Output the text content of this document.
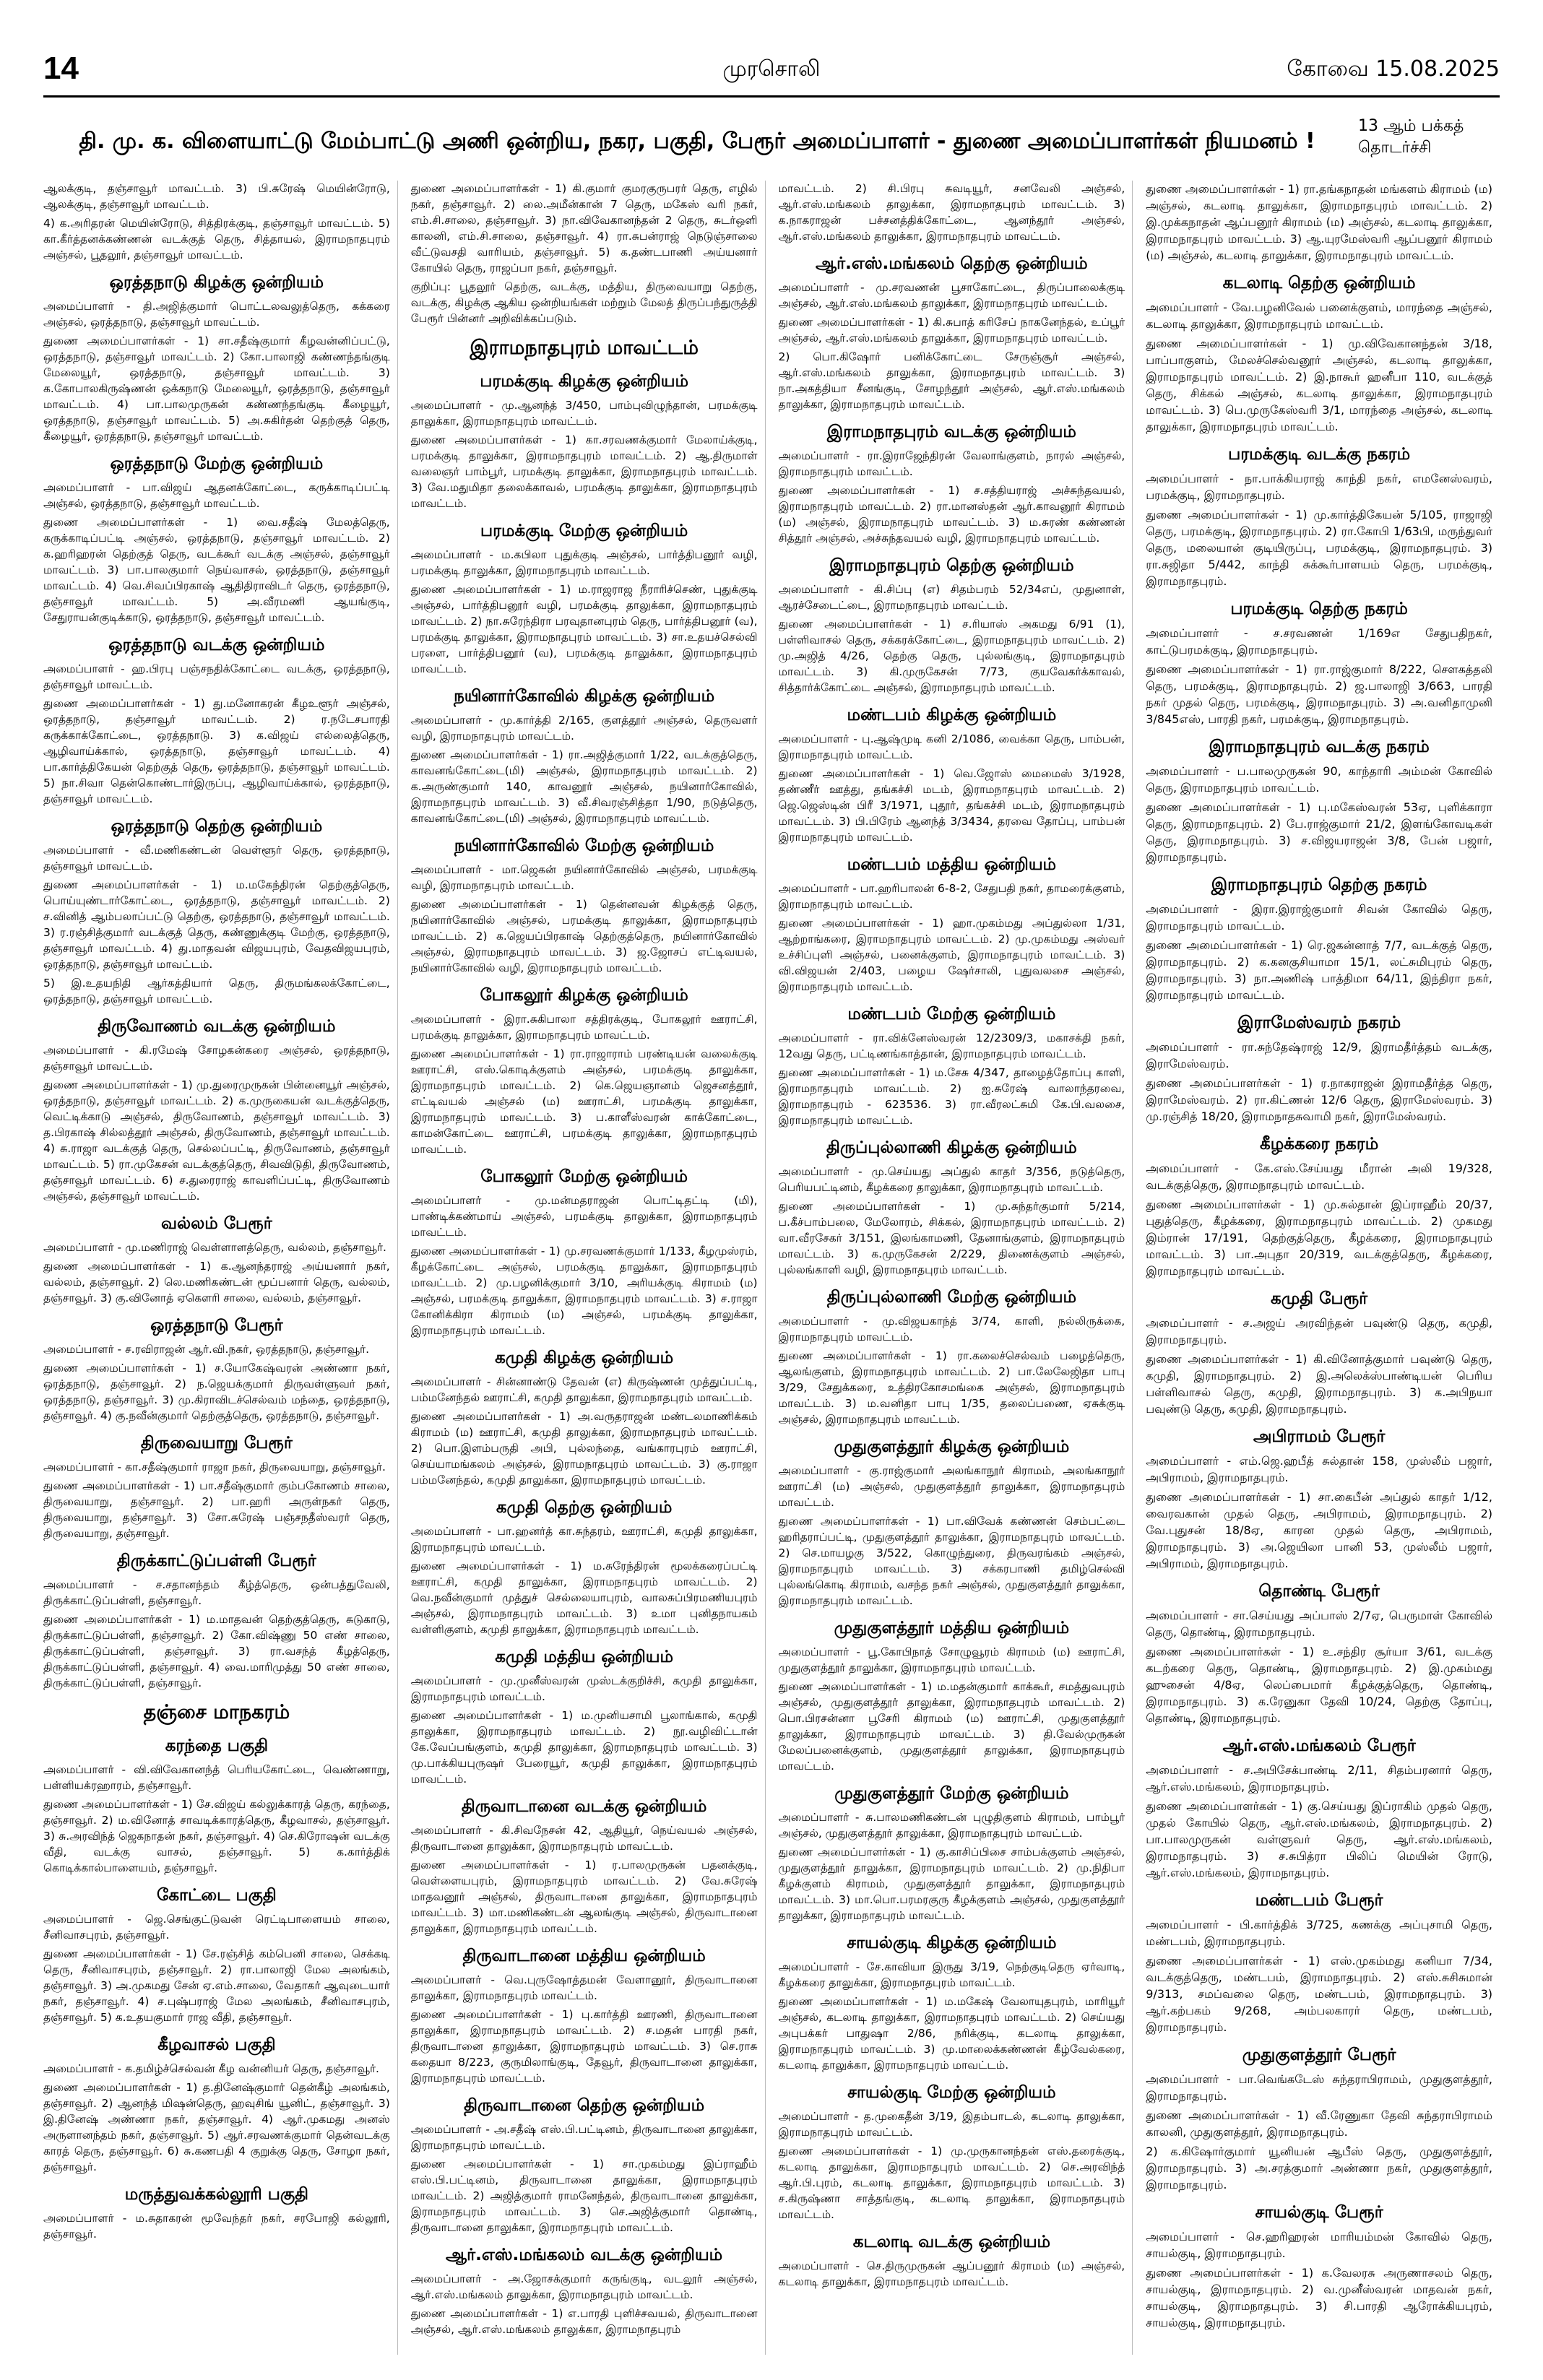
14	முரசொலி	கோவை 15.08.2025
தி. மு. க. விளையாட்டு மேம்பாட்டு அணி ஒன்றிய, நகர, பகுதி, பேரூர் அமைப்பாளர் - துணை அமைப்பாளர்கள் நியமனம் !
13 ஆம் பக்கத் தொடர்ச்சி

ஆலக்குடி, தஞ்சாவூர் மாவட்டம். 3) பி.சுரேஷ் மெயின்ரோடு, ஆலக்குடி, தஞ்சாவூர் மாவட்டம்.

4) க.அரிதரன் மெயின்ரோடு, சித்திரக்குடி, தஞ்சாவூர் மாவட்டம். 5) கா.கீர்த்தனக்கண்ணன் வடக்குத் தெரு, சித்தாயல், இராமநாதபுரம் அஞ்சல், பூதலூர், தஞ்சாவூர் மாவட்டம்.

ஒரத்தநாடு கிழக்கு ஒன்றியம்

அமைப்பாளர் - தி.அஜித்குமார் பொட்டலவலுத்தெரு, கக்கரை அஞ்சல், ஒரத்தநாடு, தஞ்சாவூர் மாவட்டம்.

துணை அமைப்பாளர்கள் - 1) சா.சதீஷ்குமார் கீழவன்னிப்பட்டு, ஒரத்தநாடு, தஞ்சாவூர் மாவட்டம். 2) கோ.பாலாஜி கண்ணந்தங்குடி மேலையூர், ஒரத்தநாடு, தஞ்சாவூர் மாவட்டம். 3) க.கோபாலகிருஷ்ணன் ஒக்கநாடு மேலையூர், ஒரத்தநாடு, தஞ்சாவூர் மாவட்டம். 4) பா.பாலமுருகன் கண்ணந்தங்குடி கீழையூர், ஒரத்தநாடு, தஞ்சாவூர் மாவட்டம். 5) அ.சுகிர்தன் தெற்குத் தெரு, கீழையூர், ஒரத்தநாடு, தஞ்சாவூர் மாவட்டம்.

ஒரத்தநாடு மேற்கு ஒன்றியம்

அமைப்பாளர் - பா.விஜய் ஆதனக்கோட்டை, கருக்காடிப்பட்டி அஞ்சல், ஒரத்தநாடு, தஞ்சாவூர் மாவட்டம்.

துணை அமைப்பாளர்கள் - 1) வை.சதீஷ் மேலத்தெரு, கருக்காடிப்பட்டி அஞ்சல், ஒரத்தநாடு, தஞ்சாவூர் மாவட்டம். 2) க.ஹரிஹரன் தெற்குத் தெரு, வடக்கூர் வடக்கு அஞ்சல், தஞ்சாவூர் மாவட்டம். 3) பா.பாலகுமார் நெய்வாசல், ஒரத்தநாடு, தஞ்சாவூர் மாவட்டம். 4) வெ.சிவப்பிரகாஷ் ஆதிதிராவிடர் தெரு, ஒரத்தநாடு, தஞ்சாவூர் மாவட்டம். 5) அ.வீரமணி ஆயங்குடி, சேதுராயன்குடிக்காடு, ஒரத்தநாடு, தஞ்சாவூர் மாவட்டம்.

ஒரத்தநாடு வடக்கு ஒன்றியம்

அமைப்பாளர் - ஹ.பிரபு பஞ்சநதிக்கோட்டை வடக்கு, ஒரத்தநாடு, தஞ்சாவூர் மாவட்டம்.

துணை அமைப்பாளர்கள் - 1) து.மனோகரன் கீழஉளூர் அஞ்சல், ஒரத்தநாடு, தஞ்சாவூர் மாவட்டம். 2) ர.நடேசபாரதி கருக்காக்கோட்டை, ஒரத்தநாடு. 3) க.விஜய் எல்லைத்தெரு, ஆழிவாய்க்கால், ஒரத்தநாடு, தஞ்சாவூர் மாவட்டம். 4) பா.கார்த்திகேயன் தெற்குத் தெரு, ஒரத்தநாடு, தஞ்சாவூர் மாவட்டம். 5) நா.சிவா தென்கொண்டார்இருப்பு, ஆழிவாய்க்கால், ஒரத்தநாடு, தஞ்சாவூர் மாவட்டம்.

ஒரத்தநாடு தெற்கு ஒன்றியம்

அமைப்பாளர் - வீ.மணிகண்டன் வெள்ளூர் தெரு, ஒரத்தநாடு, தஞ்சாவூர் மாவட்டம்.

துணை அமைப்பாளர்கள் - 1) ம.மகேந்திரன் தெற்குத்தெரு, பொய்யுண்டார்கோட்டை, ஒரத்தநாடு, தஞ்சாவூர் மாவட்டம். 2) ச.வினித் ஆம்பலாப்பட்டு தெற்கு, ஒரத்தநாடு, தஞ்சாவூர் மாவட்டம். 3) ர.ரஞ்சித்குமார் வடக்குத் தெரு, கண்ணுக்குடி மேற்கு, ஒரத்தநாடு, தஞ்சாவூர் மாவட்டம். 4) து.மாதவன் விஜயபுரம், வேதவிஜயபுரம், ஒரத்தநாடு, தஞ்சாவூர் மாவட்டம்.

5) இ.உதயநிதி ஆர்கத்தியார் தெரு, திருமங்கலக்கோட்டை, ஒரத்தநாடு, தஞ்சாவூர் மாவட்டம்.

திருவோணம் வடக்கு ஒன்றியம்

அமைப்பாளர் - கி.ரமேஷ் சோழகன்கரை அஞ்சல், ஒரத்தநாடு, தஞ்சாவூர் மாவட்டம்.

துணை அமைப்பாளர்கள் - 1) மு.துரைமுருகன் பின்னையூர் அஞ்சல், ஒரத்தநாடு, தஞ்சாவூர் மாவட்டம். 2) க.முருகையன் வடக்குத்தெரு, வெட்டிக்காடு அஞ்சல், திருவோணம், தஞ்சாவூர் மாவட்டம். 3) த.பிரகாஷ் சில்லத்தூர் அஞ்சல், திருவோணம், தஞ்சாவூர் மாவட்டம். 4) சு.ராஜா வடக்குத் தெரு, செல்லப்பட்டி, திருவோணம், தஞ்சாவூர் மாவட்டம். 5) ரா.முகேசன் வடக்குத்தெரு, சிவவிடுதி, திருவோணம், தஞ்சாவூர் மாவட்டம். 6) ச.துரைராஜ் காவளிப்பட்டி, திருவோணம் அஞ்சல், தஞ்சாவூர் மாவட்டம்.

வல்லம் பேரூர்

அமைப்பாளர் - மு.மணிராஜ் வெள்ளாளத்தெரு, வல்லம், தஞ்சாவூர்.

துணை அமைப்பாளர்கள் - 1) க.ஆனந்தராஜ் அய்யனார் நகர், வல்லம், தஞ்சாவூர். 2) லெ.மணிகண்டன் மூப்பனார் தெரு, வல்லம், தஞ்சாவூர். 3) கு.வினோத் ஏகௌரி சாலை, வல்லம், தஞ்சாவூர்.

ஒரத்தநாடு பேரூர்

அமைப்பாளர் - ச.ரவிராஜன் ஆர்.வி.நகர், ஒரத்தநாடு, தஞ்சாவூர்.

துணை அமைப்பாளர்கள் - 1) ச.யோகேஷ்வரன் அண்ணா நகர், ஒரத்தநாடு, தஞ்சாவூர். 2) ந.ஜெயக்குமார் திருவள்ளுவர் நகர், ஒரத்தநாடு, தஞ்சாவூர். 3) மு.கிராவிடச்செல்வம் மந்தை, ஒரத்தநாடு, தஞ்சாவூர். 4) கு.நவீன்குமார் தெற்குத்தெரு, ஒரத்தநாடு, தஞ்சாவூர்.

திருவையாறு பேரூர்

அமைப்பாளர் - கா.சதீஷ்குமார் ராஜா நகர், திருவையாறு, தஞ்சாவூர்.

துணை அமைப்பாளர்கள் - 1) பா.சதீஷ்குமார் கும்பகோணம் சாலை, திருவையாறு, தஞ்சாவூர். 2) பா.ஹரி அருள்நகர் தெரு, திருவையாறு, தஞ்சாவூர். 3) சோ.சுரேஷ் பஞ்சநதீஸ்வரர் தெரு, திருவையாறு, தஞ்சாவூர்.

திருக்காட்டுப்பள்ளி பேரூர்

அமைப்பாளர் - ச.சதானந்தம் கீழ்த்தெரு, ஒன்பத்துவேலி, திருக்காட்டுப்பள்ளி, தஞ்சாவூர்.

துணை அமைப்பாளர்கள் - 1) ம.மாதவன் தெற்குத்தெரு, சுடுகாடு, திருக்காட்டுப்பள்ளி, தஞ்சாவூர். 2) கோ.விஷ்ணு 50 எண் சாலை, திருக்காட்டுப்பள்ளி, தஞ்சாவூர். 3) ரா.வசந்த் கீழத்தெரு, திருக்காட்டுப்பள்ளி, தஞ்சாவூர். 4) வை.மாரிமுத்து 50 எண் சாலை, திருக்காட்டுப்பள்ளி, தஞ்சாவூர்.

தஞ்சை மாநகரம்
கரந்தை பகுதி

அமைப்பாளர் - வி.விவேகானந்த் பெரியகோட்டை, வெண்ணாறு, பள்ளியக்ரஹாரம், தஞ்சாவூர்.

துணை அமைப்பாளர்கள் - 1) சே.விஜய் கல்லுக்காரத் தெரு, கரந்தை, தஞ்சாவூர். 2) ம.வினோத் சாவடிக்காரத்தெரு, கீழவாசல், தஞ்சாவூர். 3) சு.அரவிந்த் ஜெகநாதன் நகர், தஞ்சாவூர். 4) செ.கிரோஷன் வடக்கு வீதி, வடக்கு வாசல், தஞ்சாவூர். 5) க.கார்த்திக் கொடிக்கால்பாளையம், தஞ்சாவூர்.

கோட்டை பகுதி

அமைப்பாளர் - ஜெ.செங்குட்டுவன் ரெட்டிபாளையம் சாலை, சீனிவாசபுரம், தஞ்சாவூர்.

துணை அமைப்பாளர்கள் - 1) சே.ரஞ்சித் கம்பெனி சாலை, செக்கடி தெரு, சீனிவாசபுரம், தஞ்சாவூர். 2) ரா.பாலாஜி மேல அலங்கம், தஞ்சாவூர். 3) அ.முகமது சேன் ஏ.எம்.சாலை, வேதாகர் ஆவுடையார் நகர், தஞ்சாவூர். 4) ச.புஷ்பராஜ் மேல அலங்கம், சீனிவாசபுரம், தஞ்சாவூர். 5) க.உதயகுமார் ராஜ வீதி, தஞ்சாவூர்.

கீழவாசல் பகுதி

அமைப்பாளர் - க.தமிழ்ச்செல்வன் கீழ வன்னியர் தெரு, தஞ்சாவூர்.

துணை அமைப்பாளர்கள் - 1) த.தினேஷ்குமார் தென்கீழ் அலங்கம், தஞ்சாவூர். 2) ஆனந்த் மிஷன்தெரு, ஹவுசிங் யூனிட், தஞ்சாவூர். 3) இ.தினேஷ் அண்ணா நகர், தஞ்சாவூர். 4) ஆர்.முகமது அனஸ் அருளானந்தம் நகர், தஞ்சாவூர். 5) ஆர்.சரவணக்குமார் தென்வடக்கு காரத் தெரு, தஞ்சாவூர். 6) சு.கணபதி 4 குறுக்கு தெரு, சோழா நகர், தஞ்சாவூர்.

மருத்துவக்கல்லூரி பகுதி

அமைப்பாளர் - ம.சுதாகரன் மூவேந்தர் நகர், சரபோஜி கல்லூரி, தஞ்சாவூர்.

துணை அமைப்பாளர்கள் - 1) கி.குமார் குமரகுருபரர் தெரு, எழில் நகர், தஞ்சாவூர். 2) லை.அமீன்கான் 7 தெரு, மகேஸ் வரி நகர், எம்.சி.சாலை, தஞ்சாவூர். 3) நா.விவேகானந்தன் 2 தெரு, சுடர்ஒளி காலனி, எம்.சி.சாலை, தஞ்சாவூர். 4) ரா.சுபன்ராஜ் நெடுஞ்சாலை வீட்டுவசதி வாரியம், தஞ்சாவூர். 5) க.தண்டபாணி அய்யனார் கோயில் தெரு, ராஜப்பா நகர், தஞ்சாவூர்.

குறிப்பு: பூதலூர் தெற்கு, வடக்கு, மத்திய, திருவையாறு தெற்கு, வடக்கு, கிழக்கு ஆகிய ஒன்றியங்கள் மற்றும் மேலத் திருப்பந்துருத்தி பேரூர் பின்னர் அறிவிக்கப்படும்.

இராமநாதபுரம் மாவட்டம்
பரமக்குடி கிழக்கு ஒன்றியம்

அமைப்பாளர் - மு.ஆனந்த் 3/450, பாம்புவிழுந்தான், பரமக்குடி தாலுக்கா, இராமநாதபுரம் மாவட்டம்.

துணை அமைப்பாளர்கள் - 1) கா.சரவணக்குமார் மேலாய்க்குடி, பரமக்குடி தாலுக்கா, இராமநாதபுரம் மாவட்டம். 2) ஆ.திருமாள் வலைஞர் பாம்பூர், பரமக்குடி தாலுக்கா, இராமநாதபுரம் மாவட்டம். 3) வே.மதுமிதா தலைக்காவல், பரமக்குடி தாலுக்கா, இராமநாதபுரம் மாவட்டம்.

பரமக்குடி மேற்கு ஒன்றியம்

அமைப்பாளர் - ம.கபிலா புதுக்குடி அஞ்சல், பார்த்திபனூர் வழி, பரமக்குடி தாலுக்கா, இராமநாதபுரம் மாவட்டம்.

துணை அமைப்பாளர்கள் - 1) ம.ராஜராஜ நீராரிச்செண், புதுக்குடி அஞ்சல், பார்த்திபனூர் வழி, பரமக்குடி தாலுக்கா, இராமநாதபுரம் மாவட்டம். 2) நா.சுரேந்திரா பரவுதானபுரம் தெரு, பார்த்திபனூர் (வ), பரமக்குடி தாலுக்கா, இராமநாதபுரம் மாவட்டம். 3) சா.உதயச்செல்வி பரளை, பார்த்திபனூர் (வ), பரமக்குடி தாலுக்கா, இராமநாதபுரம் மாவட்டம்.

நயினார்கோவில் கிழக்கு ஒன்றியம்

அமைப்பாளர் - மு.கார்த்தி 2/165, குளத்தூர் அஞ்சல், தெருவளர் வழி, இராமநாதபுரம் மாவட்டம்.

துணை அமைப்பாளர்கள் - 1) ரா.அஜித்குமார் 1/22, வடக்குத்தெரு, காவனங்கோட்டை(மி) அஞ்சல், இராமநாதபுரம் மாவட்டம். 2) க.அருண்குமார் 140, காவனூர் அஞ்சல், நயினார்கோவில், இராமநாதபுரம் மாவட்டம். 3) வீ.சிவரஞ்சித்தா 1/90, நடுத்தெரு, காவனங்கோட்டை(மி) அஞ்சல், இராமநாதபுரம் மாவட்டம்.

நயினார்கோவில் மேற்கு ஒன்றியம்

அமைப்பாளர் - மா.ஜெகன் நயினார்கோவில் அஞ்சல், பரமக்குடி வழி, இராமநாதபுரம் மாவட்டம்.

துணை அமைப்பாளர்கள் - 1) தென்னவன் கிழக்குத் தெரு, நயினார்கோவில் அஞ்சல், பரமக்குடி தாலுக்கா, இராமநாதபுரம் மாவட்டம். 2) க.ஜெயப்பிரகாஷ் தெற்குத்தெரு, நயினார்கோவில் அஞ்சல், இராமநாதபுரம் மாவட்டம். 3) ஜ.ஜோசப் எட்டிவயல், நயினார்கோவில் வழி, இராமநாதபுரம் மாவட்டம்.

போகலூர் கிழக்கு ஒன்றியம்

அமைப்பாளர் - இரா.சுகிபாலா சத்திரக்குடி, போகலூர் ஊராட்சி, பரமக்குடி தாலுக்கா, இராமநாதபுரம் மாவட்டம்.

துணை அமைப்பாளர்கள் - 1) ரா.ராஜாராம் பரண்டியன் வலைக்குடி ஊராட்சி, எஸ்.கொடிக்குளம் அஞ்சல், பரமக்குடி தாலுக்கா, இராமநாதபுரம் மாவட்டம். 2) கெ.ஜெயஞானம் ஜெசனத்தூர், எட்டிவயல் அஞ்சல் (ம) ஊராட்சி, பரமக்குடி தாலுக்கா, இராமநாதபுரம் மாவட்டம். 3) ப.காளீஸ்வரன் காக்கோட்டை, காமன்கோட்டை ஊராட்சி, பரமக்குடி தாலுக்கா, இராமநாதபுரம் மாவட்டம்.

போகலூர் மேற்கு ஒன்றியம்

அமைப்பாளர் - மு.மன்மதராஜன் பொட்டிதட்டி (மி), பாண்டிக்கண்மாய் அஞ்சல், பரமக்குடி தாலுக்கா, இராமநாதபுரம் மாவட்டம்.

துணை அமைப்பாளர்கள் - 1) மு.சரவணக்குமார் 1/133, கீழமுஸ்ரம், கீழக்கோட்டை அஞ்சல், பரமக்குடி தாலுக்கா, இராமநாதபுரம் மாவட்டம். 2) மு.பழனிக்குமார் 3/10, அரியக்குடி கிராமம் (ம) அஞ்சல், பரமக்குடி தாலுக்கா, இராமநாதபுரம் மாவட்டம். 3) ச.ராஜா கோனிக்கிரா கிராமம் (ம) அஞ்சல், பரமக்குடி தாலுக்கா, இராமநாதபுரம் மாவட்டம்.

கமுதி கிழக்கு ஒன்றியம்

அமைப்பாளர் - சின்னாண்டு தேவன் (எ) கிருஷ்ணன் முத்துப்பட்டி, பம்மனேந்தல் ஊராட்சி, கமுதி தாலுக்கா, இராமநாதபுரம் மாவட்டம்.

துணை அமைப்பாளர்கள் - 1) அ.வருதராஜன் மண்டலமாணிக்கம் கிராமம் (ம) ஊராட்சி, கமுதி தாலுக்கா, இராமநாதபுரம் மாவட்டம். 2) பொ.இளம்பருதி அபி, புல்லந்தை, வங்காரபுரம் ஊராட்சி, செய்யாமங்கலம் அஞ்சல், இராமநாதபுரம் மாவட்டம். 3) கு.ராஜா பம்மனேந்தல், கமுதி தாலுக்கா, இராமநாதபுரம் மாவட்டம்.

கமுதி தெற்கு ஒன்றியம்

அமைப்பாளர் - பா.ஹனர்த் கா.சுந்தரம், ஊராட்சி, கமுதி தாலுக்கா, இராமநாதபுரம் மாவட்டம்.

துணை அமைப்பாளர்கள் - 1) ம.சுரேந்திரன் மூலக்கரைப்பட்டி ஊராட்சி, கமுதி தாலுக்கா, இராமநாதபுரம் மாவட்டம். 2) வெ.நவீன்குமார் முத்துச் செல்லையாபுரம், வாலசுப்பிரமணியபுரம் அஞ்சல், இராமநாதபுரம் மாவட்டம். 3) உமா புனிதநாயகம் வள்ளிகுளம், கமுதி தாலுக்கா, இராமநாதபுரம் மாவட்டம்.

கமுதி மத்திய ஒன்றியம்

அமைப்பாளர் - மு.முனீஸ்வரன் முஸ்டக்குறிச்சி, கமுதி தாலுக்கா, இராமநாதபுரம் மாவட்டம்.

துணை அமைப்பாளர்கள் - 1) ம.முனியசாமி பூலாங்கால், கமுதி தாலுக்கா, இராமநாதபுரம் மாவட்டம். 2) நூ.வழிவிட்டான் கே.வேப்பங்குளம், கமுதி தாலுக்கா, இராமநாதபுரம் மாவட்டம். 3) மு.பாக்கியபுருஷர் பேரையூர், கமுதி தாலுக்கா, இராமநாதபுரம் மாவட்டம்.

திருவாடானை வடக்கு ஒன்றியம்

அமைப்பாளர் - கி.சிவநேசன் 42, ஆதியூர், நெய்வயல் அஞ்சல், திருவாடானை தாலுக்கா, இராமநாதபுரம் மாவட்டம்.

துணை அமைப்பாளர்கள் - 1) ர.பாலமுருகன் பதனக்குடி, வெள்ளையபுரம், இராமநாதபுரம் மாவட்டம். 2) வே.சுரேஷ் மாதவனூர் அஞ்சல், திருவாடானை தாலுக்கா, இராமநாதபுரம் மாவட்டம். 3) மா.மணிகண்டன் ஆலங்குடி அஞ்சல், திருவாடானை தாலுக்கா, இராமநாதபுரம் மாவட்டம்.

திருவாடானை மத்திய ஒன்றியம்

அமைப்பாளர் - வெ.புருஷோத்தமன் வேளானூர், திருவாடானை தாலுக்கா, இராமநாதபுரம் மாவட்டம்.

துணை அமைப்பாளர்கள் - 1) பு.கார்த்தி ஊரணி, திருவாடானை தாலுக்கா, இராமநாதபுரம் மாவட்டம். 2) ச.மதன் பாரதி நகர், திருவாடானை தாலுக்கா, இராமநாதபுரம் மாவட்டம். 3) செ.ராசு கதையா 8/223, குருமிலாங்குடி, தேவூர், திருவாடானை தாலுக்கா, இராமநாதபுரம் மாவட்டம்.

திருவாடானை தெற்கு ஒன்றியம்

அமைப்பாளர் - அ.சதீஷ் எஸ்.பி.பட்டினம், திருவாடானை தாலுக்கா, இராமநாதபுரம் மாவட்டம்.

துணை அமைப்பாளர்கள் - 1) சா.முகம்மது இப்ராஹீம் எஸ்.பி.பட்டினம், திருவாடானை தாலுக்கா, இராமநாதபுரம் மாவட்டம். 2) அஜித்குமார் ராமனேந்தல், திருவாடானை தாலுக்கா, இராமநாதபுரம் மாவட்டம். 3) செ.அஜித்குமார் தொண்டி, திருவாடானை தாலுக்கா, இராமநாதபுரம் மாவட்டம்.

ஆர்.எஸ்.மங்கலம் வடக்கு ஒன்றியம்

அமைப்பாளர் - அ.ஜோசக்குமார் கருங்குடி, வடலூர் அஞ்சல், ஆர்.எஸ்.மங்கலம் தாலுக்கா, இராமநாதபுரம் மாவட்டம்.

துணை அமைப்பாளர்கள் - 1) எ.பாரதி புளிச்சவயல், திருவாடானை அஞ்சல், ஆர்.எஸ்.மங்கலம் தாலுக்கா, இராமநாதபுரம்

மாவட்டம். 2) சி.பிரபு சுவடியூர், சனவேலி அஞ்சல், ஆர்.எஸ்.மங்கலம் தாலுக்கா, இராமநாதபுரம் மாவட்டம். 3) க.நாகராஜன் பச்சனத்திக்கோட்டை, ஆனந்தூர் அஞ்சல், ஆர்.எஸ்.மங்கலம் தாலுக்கா, இராமநாதபுரம் மாவட்டம்.

ஆர்.எஸ்.மங்கலம் தெற்கு ஒன்றியம்

அமைப்பாளர் - மு.சரவணன் பூசாகோட்டை, திருப்பாலைக்குடி அஞ்சல், ஆர்.எஸ்.மங்கலம் தாலுக்கா, இராமநாதபுரம் மாவட்டம்.

துணை அமைப்பாளர்கள் - 1) கி.சுபாத் கரிசேப் நாகனேந்தல், உப்பூர் அஞ்சல், ஆர்.எஸ்.மங்கலம் தாலுக்கா, இராமநாதபுரம் மாவட்டம்.

2) பொ.கிஷோர் பனிக்கோட்டை சேருஞ்சூர் அஞ்சல், ஆர்.எஸ்.மங்கலம் தாலுக்கா, இராமநாதபுரம் மாவட்டம். 3) நா.அகத்தியா சீனங்குடி, சோழந்தூர் அஞ்சல், ஆர்.எஸ்.மங்கலம் தாலுக்கா, இராமநாதபுரம் மாவட்டம்.

இராமநாதபுரம் வடக்கு ஒன்றியம்

அமைப்பாளர் - ரா.இராஜேந்திரன் வேலாங்குளம், நாரல் அஞ்சல், இராமநாதபுரம் மாவட்டம்.

துணை அமைப்பாளர்கள் - 1) ச.சத்தியராஜ் அச்சுந்தவயல், இராமநாதபுரம் மாவட்டம். 2) ரா.மானஸ்தன் ஆர்.காவனூர் கிராமம் (ம) அஞ்சல், இராமநாதபுரம் மாவட்டம். 3) ம.சுரண் கண்ணன் சித்தூர் அஞ்சல், அச்சுந்தவயல் வழி, இராமநாதபுரம் மாவட்டம்.

இராமநாதபுரம் தெற்கு ஒன்றியம்

அமைப்பாளர் - கி.சிப்பு (எ) சிதம்பரம் 52/34எப், முதுனாள், ஆரச்சேடைட்டை, இராமநாதபுரம் மாவட்டம்.

துணை அமைப்பாளர்கள் - 1) ச.ரியாஸ் அகமது 6/91 (1), பள்ளிவாசல் தெரு, சக்கரக்கோட்டை, இராமநாதபுரம் மாவட்டம். 2) மு.அஜித் 4/26, தெற்கு தெரு, புல்லங்குடி, இராமநாதபுரம் மாவட்டம். 3) கி.முருகேசன் 7/73, குயவேகர்க்காவல், சித்தார்க்கோட்டை அஞ்சல், இராமநாதபுரம் மாவட்டம்.

மண்டபம் கிழக்கு ஒன்றியம்

அமைப்பாளர் - பு.ஆஷ்முடி கனி 2/1086, வைக்கா தெரு, பாம்பன், இராமநாதபுரம் மாவட்டம்.

துணை அமைப்பாளர்கள் - 1) வெ.ஜோஸ் மைமைஸ் 3/1928, தண்ணீர் ஊத்து, தங்கச்சி மடம், இராமநாதபுரம் மாவட்டம். 2) ஜெ.ஜெஸ்டின் பிரீ 3/1971, புதூர், தங்கச்சி மடம், இராமநாதபுரம் மாவட்டம். 3) பி.பிரேம் ஆனந்த் 3/3434, தரவை தோப்பு, பாம்பன் இராமநாதபுரம் மாவட்டம்.

மண்டபம் மத்திய ஒன்றியம்

அமைப்பாளர் - பா.ஹரிபாலன் 6-8-2, சேதுபதி நகர், தாமரைக்குளம், இராமநாதபுரம் மாவட்டம்.

துணை அமைப்பாளர்கள் - 1) ஹா.முகம்மது அப்துல்லா 1/31, ஆற்றாங்கரை, இராமநாதபுரம் மாவட்டம். 2) மு.முகம்மது அஸ்வர் உச்சிப்புளி அஞ்சல், பனைக்குளம், இராமநாதபுரம் மாவட்டம். 3) வி.விஜயன் 2/403, பழைய ஷேர்சாலி, புதுவலசை அஞ்சல், இராமநாதபுரம் மாவட்டம்.

மண்டபம் மேற்கு ஒன்றியம்

அமைப்பாளர் - ரா.விக்னேஸ்வரன் 12/2309/3, மகாசக்தி நகர், 12வது தெரு, பட்டிணங்காத்தான், இராமநாதபுரம் மாவட்டம்.

துணை அமைப்பாளர்கள் - 1) ம.சேசு 4/347, தாழைத்தோப்பு காளி, இராமநாதபுரம் மாவட்டம். 2) ஐ.சுரேஷ் வாலாந்தரவை, இராமநாதபுரம் - 623536. 3) ரா.வீரலட்சுமி கே.பி.வலசை, இராமநாதபுரம் மாவட்டம்.

திருப்புல்லாணி கிழக்கு ஒன்றியம்

அமைப்பாளர் - மு.செய்யது அப்துல் காதர் 3/356, நடுத்தெரு, பெரியபட்டினம், கீழக்கரை தாலுக்கா, இராமநாதபுரம் மாவட்டம்.

துணை அமைப்பாளர்கள் - 1) மு.சுந்தர்குமார் 5/214, ப.கீச்பாம்பலை, மேலோரம், சிக்கல், இராமநாதபுரம் மாவட்டம். 2) வா.வீரசேகர் 3/151, இலங்காமணி, தேனாங்குளம், இராமநாதபுரம் மாவட்டம். 3) க.முருகேசன் 2/229, திணைக்குளம் அஞ்சல், புல்லங்காளி வழி, இராமநாதபுரம் மாவட்டம்.

திருப்புல்லாணி மேற்கு ஒன்றியம்

அமைப்பாளர் - மு.விஜயகாந்த் 3/74, காளி, நல்லிருக்கை, இராமநாதபுரம் மாவட்டம்.

துணை அமைப்பாளர்கள் - 1) ரா.கலைச்செல்வம் பழைத்தெரு, ஆலங்குளம், இராமநாதபுரம் மாவட்டம். 2) பா.லேலேஜிதா பாபு 3/29, சேதுக்கரை, உத்திரகோசமங்கை அஞ்சல், இராமநாதபுரம் மாவட்டம். 3) ம.வனிதா பாபு 1/35, தலைப்பணை, ஏசுக்குடி அஞ்சல், இராமநாதபுரம் மாவட்டம்.

முதுகுளத்தூர் கிழக்கு ஒன்றியம்

அமைப்பாளர் - கு.ராஜ்குமார் அலங்காநூர் கிராமம், அலங்காநூர் ஊராட்சி (ம) அஞ்சல், முதுகுளத்தூர் தாலுக்கா, இராமநாதபுரம் மாவட்டம்.

துணை அமைப்பாளர்கள் - 1) பா.விவேக் கண்ணன் செம்பட்டை ஹரிதராப்பட்டி, முதுகுளத்தூர் தாலுக்கா, இராமநாதபுரம் மாவட்டம். 2) செ.மாயழகு 3/522, கொழுந்துரை, திருவரங்கம் அஞ்சல், இராமநாதபுரம் மாவட்டம். 3) சக்கரபாணி தமிழ்செல்வி புல்லங்கொடி கிராமம், வசந்த நகர் அஞ்சல், முதுகுளத்தூர் தாலுக்கா, இராமநாதபுரம் மாவட்டம்.

முதுகுளத்தூர் மத்திய ஒன்றியம்

அமைப்பாளர் - பூ.கோபிநாத் சோழுவூரம் கிராமம் (ம) ஊராட்சி, முதுகுளத்தூர் தாலுக்கா, இராமநாதபுரம் மாவட்டம்.

துணை அமைப்பாளர்கள் - 1) ம.மதன்குமார் காக்கூர், சமத்துவபுரம் அஞ்சல், முதுகுளத்தூர் தாலுக்கா, இராமநாதபுரம் மாவட்டம். 2) பொ.பிரசன்னா பூசேரி கிராமம் (ம) ஊராட்சி, முதுகுளத்தூர் தாலுக்கா, இராமநாதபுரம் மாவட்டம். 3) தி.வேல்முருகன் மேலப்பனைக்குளம், முதுகுளத்தூர் தாலுக்கா, இராமநாதபுரம் மாவட்டம்.

முதுகுளத்தூர் மேற்கு ஒன்றியம்

அமைப்பாளர் - சு.பாலமணிகண்டன் புழுதிகுளம் கிராமம், பாம்பூர் அஞ்சல், முதுகுளத்தூர் தாலுக்கா, இராமநாதபுரம் மாவட்டம்.

துணை அமைப்பாளர்கள் - 1) கு.காசிப்பிசை சாம்பக்குளம் அஞ்சல், முதுகுளத்தூர் தாலுக்கா, இராமநாதபுரம் மாவட்டம். 2) மு.நிதிபா கீழக்குளம் கிராமம், முதுகுளத்தூர் தாலுக்கா, இராமநாதபுரம் மாவட்டம். 3) மா.பொ.பரமரகுரு கீழக்குளம் அஞ்சல், முதுகுளத்தூர் தாலுக்கா, இராமநாதபுரம் மாவட்டம்.

சாயல்குடி கிழக்கு ஒன்றியம்

அமைப்பாளர் - சே.காவியா இருது 3/19, நெற்குடிதெரு ஏர்வாடி, கீழக்கரை தாலுக்கா, இராமநாதபுரம் மாவட்டம்.

துணை அமைப்பாளர்கள் - 1) ம.மகேஷ் வேலாயுதபுரம், மாரியூர் அஞ்சல், கடலாடி தாலுக்கா, இராமநாதபுரம் மாவட்டம். 2) செய்யது அபுபக்கர் பாதுஷா 2/86, நரிக்குடி, கடலாடி தாலுக்கா, இராமநாதபுரம் மாவட்டம். 3) மு.மாலைக்கண்ணன் கீழ்வேல்கரை, கடலாடி தாலுக்கா, இராமநாதபுரம் மாவட்டம்.

சாயல்குடி மேற்கு ஒன்றியம்

அமைப்பாளர் - த.முகைதீன் 3/19, இதம்பாடல், கடலாடி தாலுக்கா, இராமநாதபுரம் மாவட்டம்.

துணை அமைப்பாளர்கள் - 1) மு.முருகானந்தன் எஸ்.தரைக்குடி, கடலாடி தாலுக்கா, இராமநாதபுரம் மாவட்டம். 2) செ.அரவிந்த் ஆர்.பி.புரம், கடலாடி தாலுக்கா, இராமநாதபுரம் மாவட்டம். 3) ச.கிருஷ்ணா சாத்தங்குடி, கடலாடி தாலுக்கா, இராமநாதபுரம் மாவட்டம்.

கடலாடி வடக்கு ஒன்றியம்

அமைப்பாளர் - செ.திருமுருகன் ஆப்பனூர் கிராமம் (ம) அஞ்சல், கடலாடி தாலுக்கா, இராமநாதபுரம் மாவட்டம்.

துணை அமைப்பாளர்கள் - 1) ரா.தங்கநாதன் மங்களம் கிராமம் (ம) அஞ்சல், கடலாடி தாலுக்கா, இராமநாதபுரம் மாவட்டம். 2) இ.முக்கநாதன் ஆப்பனூர் கிராமம் (ம) அஞ்சல், கடலாடி தாலுக்கா, இராமநாதபுரம் மாவட்டம். 3) ஆ.யுரமேஸ்வரி ஆப்பனூர் கிராமம் (ம) அஞ்சல், கடலாடி தாலுக்கா, இராமநாதபுரம் மாவட்டம்.

கடலாடி தெற்கு ஒன்றியம்

அமைப்பாளர் - வே.பழனிவேல் பனைக்குளம், மாரந்தை அஞ்சல், கடலாடி தாலுக்கா, இராமநாதபுரம் மாவட்டம்.

துணை அமைப்பாளர்கள் - 1) மு.விவேகானந்தன் 3/18, பாப்பாகுளம், மேலச்செல்வனூர் அஞ்சல், கடலாடி தாலுக்கா, இராமநாதபுரம் மாவட்டம். 2) இ.நாகூர் ஹனீபா 110, வடக்குத் தெரு, சிக்கல் அஞ்சல், கடலாடி தாலுக்கா, இராமநாதபுரம் மாவட்டம். 3) பெ.முருகேஸ்வரி 3/1, மாரந்தை அஞ்சல், கடலாடி தாலுக்கா, இராமநாதபுரம் மாவட்டம்.

பரமக்குடி வடக்கு நகரம்

அமைப்பாளர் - நா.பாக்கியராஜ் காந்தி நகர், எமனேஸ்வரம், பரமக்குடி, இராமநாதபுரம்.

துணை அமைப்பாளர்கள் - 1) மு.கார்த்திகேயன் 5/105, ராஜாஜி தெரு, பரமக்குடி, இராமநாதபுரம். 2) ரா.கோபி 1/63பி, மருந்துவர் தெரு, மலையான் குடியிருப்பு, பரமக்குடி, இராமநாதபுரம். 3) ரா.சுஜிதா 5/442, காந்தி சுக்கூர்பாளயம் தெரு, பரமக்குடி, இராமநாதபுரம்.

பரமக்குடி தெற்கு நகரம்

அமைப்பாளர் - ச.சரவணன் 1/169எ சேதுபதிநகர், காட்டுபரமக்குடி, இராமநாதபுரம்.

துணை அமைப்பாளர்கள் - 1) ரா.ராஜ்குமார் 8/222, சௌகத்தலி தெரு, பரமக்குடி, இராமநாதபுரம். 2) ஜ.பாலாஜி 3/663, பாரதி நகர் முதல் தெரு, பரமக்குடி, இராமநாதபுரம். 3) அ.வனிதாமுனி 3/845எஸ், பாரதி நகர், பரமக்குடி, இராமநாதபுரம்.

இராமநாதபுரம் வடக்கு நகரம்

அமைப்பாளர் - ப.பாலமுருகன் 90, காந்தாரி அம்மன் கோவில் தெரு, இராமநாதபுரம் மாவட்டம்.

துணை அமைப்பாளர்கள் - 1) பு.மகேஸ்வரன் 53ஏ, புளிக்காரா தெரு, இராமநாதபுரம். 2) பே.ராஜ்குமார் 21/2, இளங்கோவடிகள் தெரு, இராமநாதபுரம். 3) ச.விஜயராஜன் 3/8, பேன் பஜார், இராமநாதபுரம்.

இராமநாதபுரம் தெற்கு நகரம்

அமைப்பாளர் - இரா.இராஜ்குமார் சிவன் கோவில் தெரு, இராமநாதபுரம் மாவட்டம்.

துணை அமைப்பாளர்கள் - 1) ரெ.ஜகன்னாத் 7/7, வடக்குத் தெரு, இராமநாதபுரம். 2) க.கனகுசியாமா 15/1, லட்சுமிபுரம் தெரு, இராமநாதபுரம். 3) நா.அணிஷ் பாத்திமா 64/11, இந்திரா நகர், இராமநாதபுரம் மாவட்டம்.

இராமேஸ்வரம் நகரம்

அமைப்பாளர் - ரா.சுந்தேஷ்ராஜ் 12/9, இராமதீர்த்தம் வடக்கு, இராமேஸ்வரம்.

துணை அமைப்பாளர்கள் - 1) ர.நாகராஜன் இராமதீர்த்த தெரு, இராமேஸ்வரம். 2) ரா.கிட்ணன் 12/6 தெரு, இராமேஸ்வரம். 3) மு.ரஞ்சித் 18/20, இராமநாதசுவாமி நகர், இராமேஸ்வரம்.

கீழக்கரை நகரம்

அமைப்பாளர் - கே.எஸ்.சேய்யது மீரான் அலி 19/328, வடக்குத்தெரு, இராமநாதபுரம் மாவட்டம்.

துணை அமைப்பாளர்கள் - 1) மு.சுல்தான் இப்ராஹீம் 20/37, புதுத்தெரு, கீழக்கரை, இராமநாதபுரம் மாவட்டம். 2) முகமது இம்ரான் 17/191, தெற்குத்தெரு, கீழக்கரை, இராமநாதபுரம் மாவட்டம். 3) பா.அபுதா 20/319, வடக்குத்தெரு, கீழக்கரை, இராமநாதபுரம் மாவட்டம்.

கமுதி பேரூர்

அமைப்பாளர் - ச.அஜய் அரவிந்தன் பவுண்டு தெரு, கமுதி, இராமநாதபுரம்.

துணை அமைப்பாளர்கள் - 1) கி.வினோத்குமார் பவுண்டு தெரு, கமுதி, இராமநாதபுரம். 2) இ.அலெக்ஸ்பாண்டியன் பெரிய பள்ளிவாசல் தெரு, கமுதி, இராமநாதபுரம். 3) க.அபிநயா பவுண்டு தெரு, கமுதி, இராமநாதபுரம்.

அபிராமம் பேரூர்

அமைப்பாளர் - எம்.ஜெ.ஹபீத் சுல்தான் 158, முஸ்லீம் பஜார், அபிராமம், இராமநாதபுரம்.

துணை அமைப்பாளர்கள் - 1) சா.கைபீன் அப்துல் காதர் 1/12, வைரவகான் முதல் தெரு, அபிராமம், இராமநாதபுரம். 2) வே.புதுசன் 18/8ஏ, காரன முதல் தெரு, அபிராமம், இராமநாதபுரம். 3) அ.ஜெயிலா பானி 53, முஸ்லீம் பஜார், அபிராமம், இராமநாதபுரம்.

தொண்டி பேரூர்

அமைப்பாளர் - சா.செய்யது அப்பாஸ் 2/7ஏ, பெருமாள் கோவில் தெரு, தொண்டி, இராமநாதபுரம்.

துணை அமைப்பாளர்கள் - 1) உ.சந்திர சூர்யா 3/61, வடக்கு கடற்கரை தெரு, தொண்டி, இராமநாதபுரம். 2) இ.முகம்மது ஹுசைன் 4/8ஏ, லெப்பைமார் கீழக்குத்தெரு, தொண்டி, இராமநாதபுரம். 3) க.ரேனுகா தேவி 10/24, தெற்கு தோப்பு, தொண்டி, இராமநாதபுரம்.

ஆர்.எஸ்.மங்கலம் பேரூர்

அமைப்பாளர் - ச.அபிசேக்பாண்டி 2/11, சிதம்பரனார் தெரு, ஆர்.எஸ்.மங்கலம், இராமநாதபுரம்.

துணை அமைப்பாளர்கள் - 1) கு.செய்யது இப்ராகிம் முதல் தெரு, முதல் கோயில் தெரு, ஆர்.எஸ்.மங்கலம், இராமநாதபுரம். 2) பா.பாலமுருகன் வள்ளுவர் தெரு, ஆர்.எஸ்.மங்கலம், இராமநாதபுரம். 3) ச.சுபித்ரா பிலிப் மெயின் ரோடு, ஆர்.எஸ்.மங்கலம், இராமநாதபுரம்.

மண்டபம் பேரூர்

அமைப்பாளர் - பி.கார்த்திக் 3/725, கணக்கு அப்புசாமி தெரு, மண்டபம், இராமநாதபுரம்.

துணை அமைப்பாளர்கள் - 1) எஸ்.முகம்மது கனியா 7/34, வடக்குத்தெரு, மண்டபம், இராமநாதபுரம். 2) எஸ்.சுசிசுமான் 9/313, சமப்வலை தெரு, மண்டபம், இராமநாதபுரம். 3) ஆர்.கற்பகம் 9/268, அம்பலகாரர் தெரு, மண்டபம், இராமநாதபுரம்.

முதுகுளத்தூர் பேரூர்

அமைப்பாளர் - பா.வெங்கடேஸ் சுந்தராபிராமம், முதுகுளத்தூர், இராமநாதபுரம்.

துணை அமைப்பாளர்கள் - 1) வீ.ரேணுகா தேவி சுந்தராபிராமம் காலனி, முதுகுளத்தூர், இராமநாதபுரம்.

2) க.கிஷோர்குமார் யூனியன் ஆபீஸ் தெரு, முதுகுளத்தூர், இராமநாதபுரம். 3) அ.சரத்குமார் அண்ணா நகர், முதுகுளத்தூர், இராமநாதபுரம்.

சாயல்குடி பேரூர்

அமைப்பாளர் - செ.ஹரிஹரன் மாரியம்மன் கோவில் தெரு, சாயல்குடி, இராமநாதபுரம்.

துணை அமைப்பாளர்கள் - 1) க.வேலரசு அருணாசலம் தெரு, சாயல்குடி, இராமநாதபுரம். 2) வ.முனீஸ்வரன் மாதவன் நகர், சாயல்குடி, இராமநாதபுரம். 3) சி.பாரதி ஆரோக்கியபுரம், சாயல்குடி, இராமநாதபுரம்.
